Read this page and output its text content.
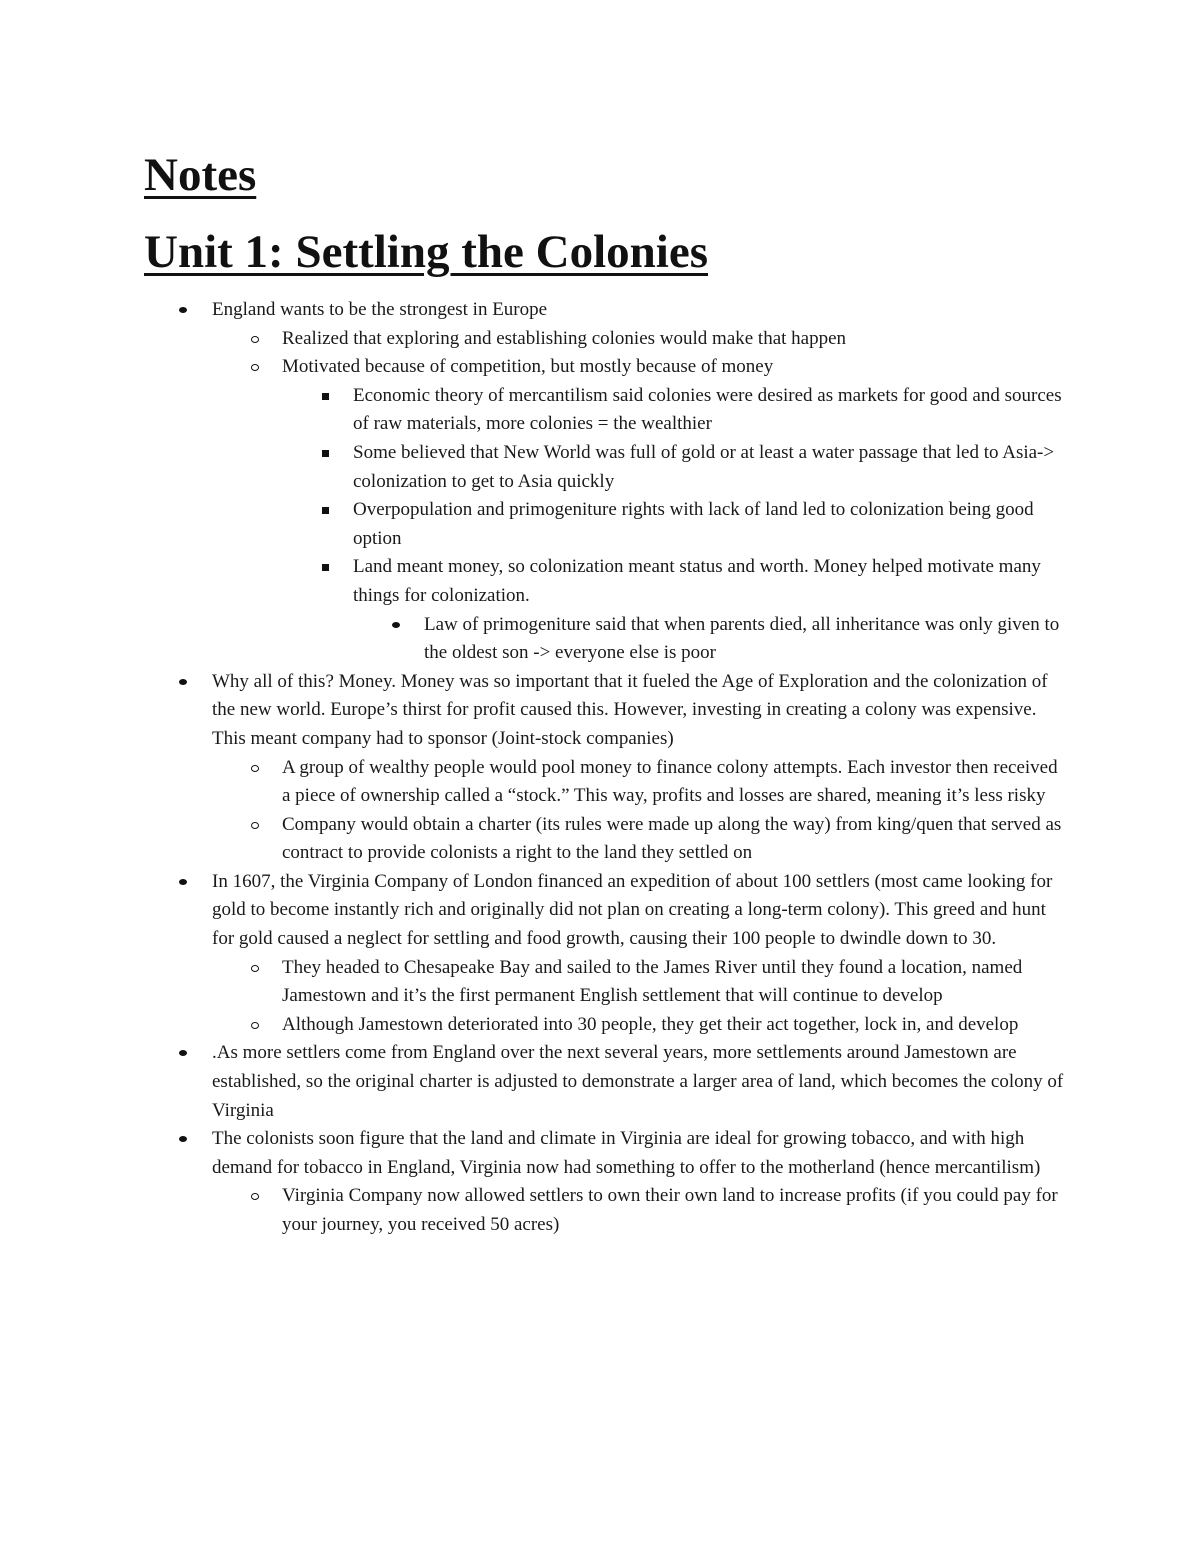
Notes
Unit 1: Settling the Colonies
England wants to be the strongest in Europe
Realized that exploring and establishing colonies would make that happen
Motivated because of competition, but mostly because of money
Economic theory of mercantilism said colonies were desired as markets for good and sources of raw materials, more colonies = the wealthier
Some believed that New World was full of gold or at least a water passage that led to Asia-> colonization to get to Asia quickly
Overpopulation and primogeniture rights with lack of land led to colonization being good option
Land meant money, so colonization meant status and worth. Money helped motivate many things for colonization.
Law of primogeniture said that when parents died, all inheritance was only given to the oldest son -> everyone else is poor
Why all of this? Money. Money was so important that it fueled the Age of Exploration and the colonization of the new world. Europe’s thirst for profit caused this. However, investing in creating a colony was expensive. This meant company had to sponsor (Joint-stock companies)
A group of wealthy people would pool money to finance colony attempts. Each investor then received a piece of ownership called a “stock.” This way, profits and losses are shared, meaning it’s less risky
Company would obtain a charter (its rules were made up along the way) from king/quen that served as contract to provide colonists a right to the land they settled on
In 1607, the Virginia Company of London financed an expedition of about 100 settlers (most came looking for gold to become instantly rich and originally did not plan on creating a long-term colony). This greed and hunt for gold caused a neglect for settling and food growth, causing their 100 people to dwindle down to 30.
They headed to Chesapeake Bay and sailed to the James River until they found a location, named Jamestown and it’s the first permanent English settlement that will continue to develop
Although Jamestown deteriorated into 30 people, they get their act together, lock in, and develop
.As more settlers come from England over the next several years, more settlements around Jamestown are established, so the original charter is adjusted to demonstrate a larger area of land, which becomes the colony of Virginia
The colonists soon figure that the land and climate in Virginia are ideal for growing tobacco, and with high demand for tobacco in England, Virginia now had something to offer to the motherland (hence mercantilism)
Virginia Company now allowed settlers to own their own land to increase profits (if you could pay for your journey, you received 50 acres)
